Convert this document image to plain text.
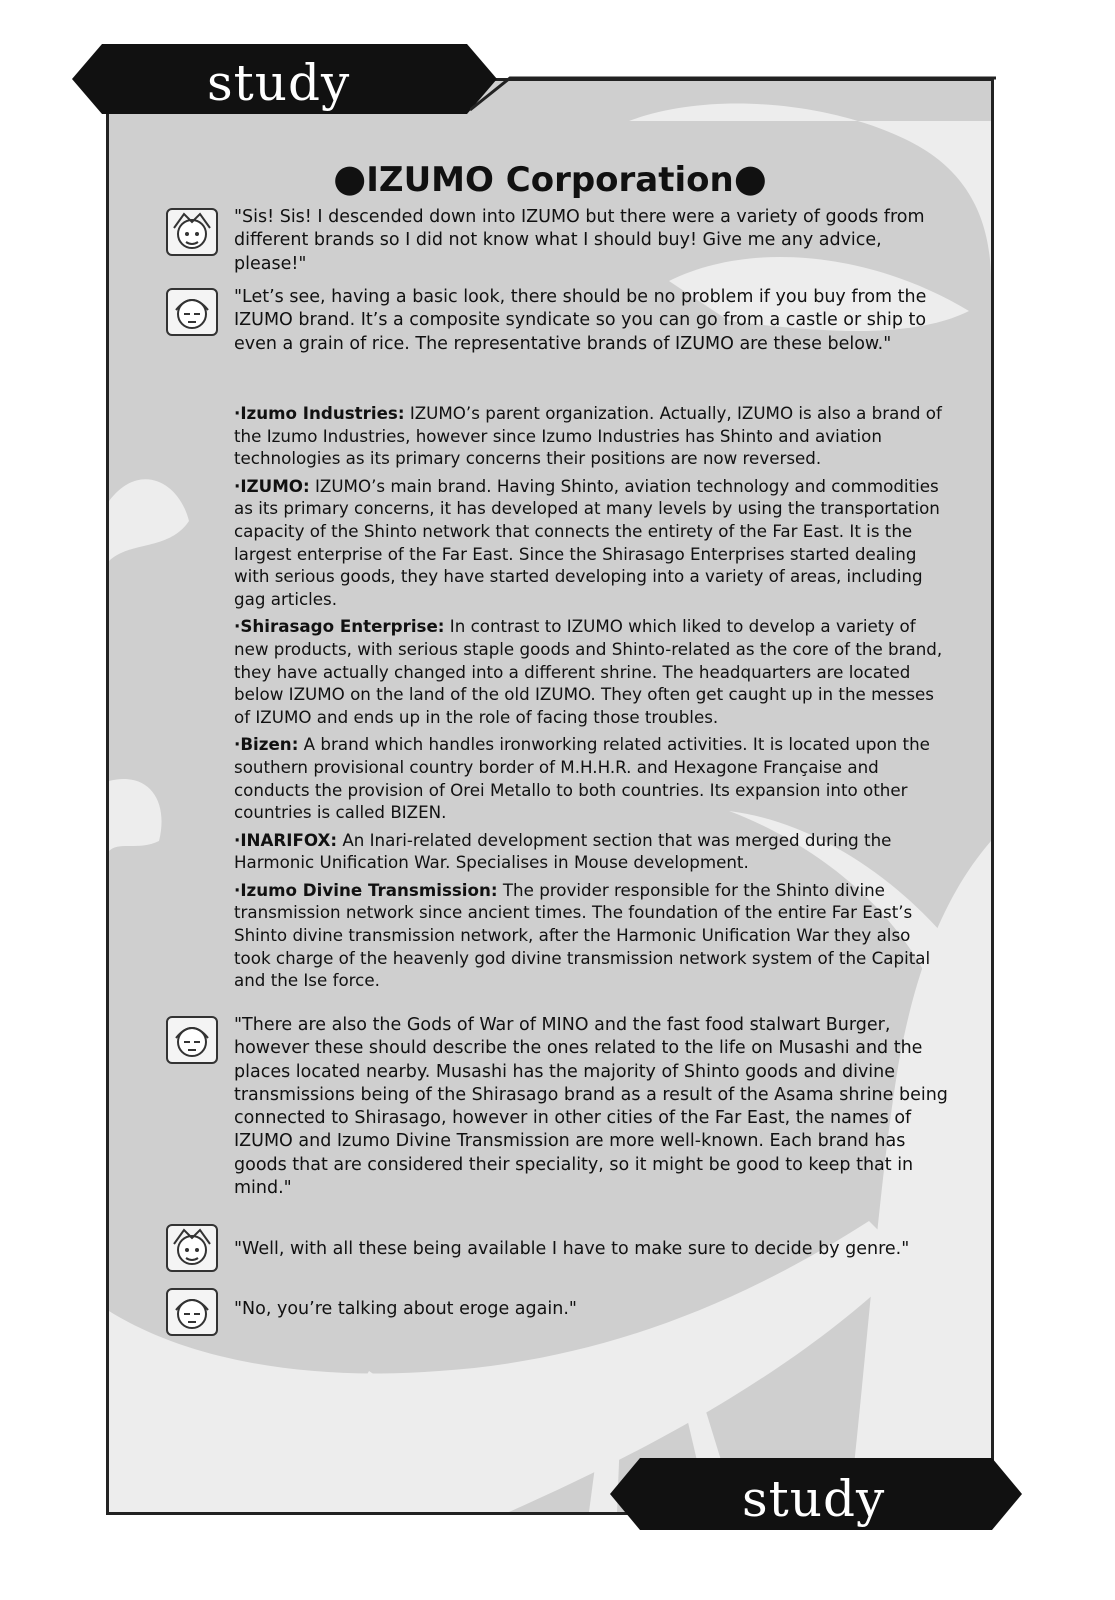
study
●IZUMO Corporation●

"Sis! Sis! I descended down into IZUMO but there were a variety of goods from different brands so I did not know what I should buy! Give me any advice, please!"

"Let’s see, having a basic look, there should be no problem if you buy from the IZUMO brand. It’s a composite syndicate so you can go from a castle or ship to even a grain of rice. The representative brands of IZUMO are these below."

·Izumo Industries: IZUMO’s parent organization. Actually, IZUMO is also a brand of the Izumo Industries, however since Izumo Industries has Shinto and aviation technologies as its primary concerns their positions are now reversed.

·IZUMO: IZUMO’s main brand. Having Shinto, aviation technology and commodities as its primary concerns, it has developed at many levels by using the transportation capacity of the Shinto network that connects the entirety of the Far East. It is the largest enterprise of the Far East. Since the Shirasago Enterprises started dealing with serious goods, they have started developing into a variety of areas, including gag articles.

·Shirasago Enterprise: In contrast to IZUMO which liked to develop a variety of new products, with serious staple goods and Shinto-related as the core of the brand, they have actually changed into a different shrine. The headquarters are located below IZUMO on the land of the old IZUMO. They often get caught up in the messes of IZUMO and ends up in the role of facing those troubles.

·Bizen: A brand which handles ironworking related activities. It is located upon the southern provisional country border of M.H.H.R. and Hexagone Française and conducts the provision of Orei Metallo to both countries. Its expansion into other countries is called BIZEN.

·INARIFOX: An Inari-related development section that was merged during the Harmonic Unification War. Specialises in Mouse development.

·Izumo Divine Transmission: The provider responsible for the Shinto divine transmission network since ancient times. The foundation of the entire Far East’s Shinto divine transmission network, after the Harmonic Unification War they also took charge of the heavenly god divine transmission network system of the Capital and the Ise force.

"There are also the Gods of War of MINO and the fast food stalwart Burger, however these should describe the ones related to the life on Musashi and the places located nearby. Musashi has the majority of Shinto goods and divine transmissions being of the Shirasago brand as a result of the Asama shrine being connected to Shirasago, however in other cities of the Far East, the names of IZUMO and Izumo Divine Transmission are more well-known. Each brand has goods that are considered their speciality, so it might be good to keep that in mind."

"Well, with all these being available I have to make sure to decide by genre."

"No, you’re talking about eroge again."

study
